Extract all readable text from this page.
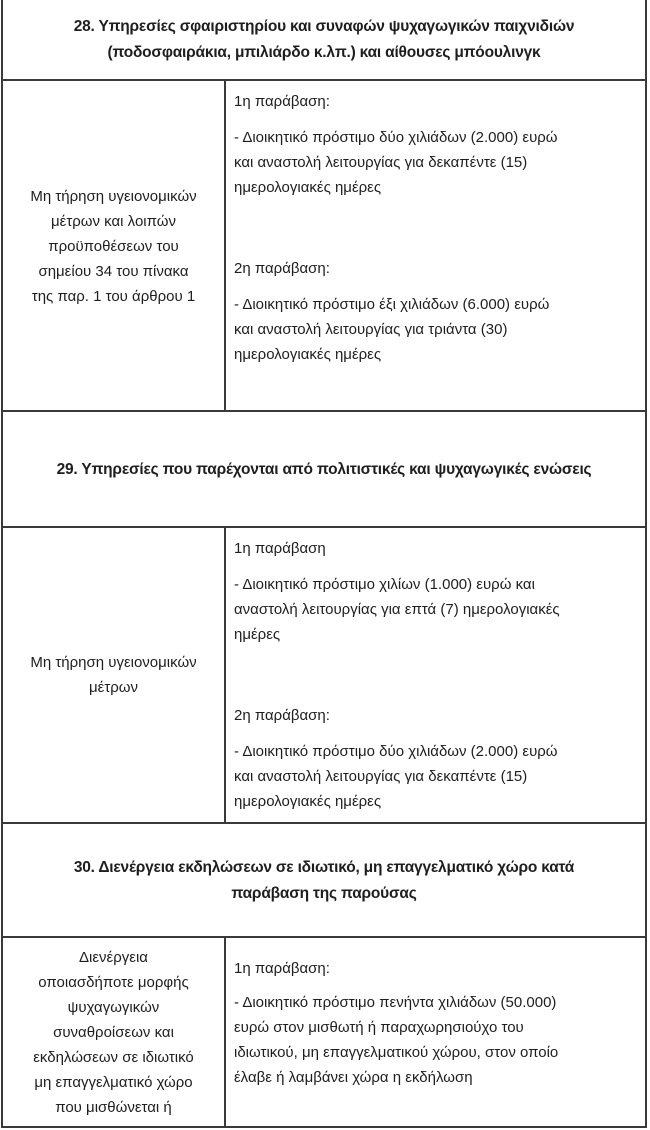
28. Υπηρεσίες σφαιριστηρίου και συναφών ψυχαγωγικών παιχνιδιών
(ποδοσφαιράκια, μπιλιάρδο κ.λπ.) και αίθουσες μπόουλινγκ
Μη τήρηση υγειονομικών
μέτρων και λοιπών
προϋποθέσεων του
σημείου 34 του πίνακα
της παρ. 1 του άρθρου 1
1η παράβαση:

- Διοικητικό πρόστιμο δύο χιλιάδων (2.000) ευρώ

και αναστολή λειτουργίας για δεκαπέντε (15)

ημερολογιακές ημέρες

2η παράβαση:

- Διοικητικό πρόστιμο έξι χιλιάδων (6.000) ευρώ

και αναστολή λειτουργίας για τριάντα (30)

ημερολογιακές ημέρες

29. Υπηρεσίες που παρέχονται από πολιτιστικές και ψυχαγωγικές ενώσεις
Μη τήρηση υγειονομικών
μέτρων
1η παράβαση

- Διοικητικό πρόστιμο χιλίων (1.000) ευρώ και

αναστολή λειτουργίας για επτά (7) ημερολογιακές

ημέρες

2η παράβαση:

- Διοικητικό πρόστιμο δύο χιλιάδων (2.000) ευρώ

και αναστολή λειτουργίας για δεκαπέντε (15)

ημερολογιακές ημέρες

30. Διενέργεια εκδηλώσεων σε ιδιωτικό, μη επαγγελματικό χώρο κατά
παράβαση της παρούσας
Διενέργεια
οποιασδήποτε μορφής
ψυχαγωγικών
συναθροίσεων και
εκδηλώσεων σε ιδιωτικό
μη επαγγελματικό χώρο
που μισθώνεται ή
1η παράβαση:

- Διοικητικό πρόστιμο πενήντα χιλιάδων (50.000)

ευρώ στον μισθωτή ή παραχωρησιούχο του

ιδιωτικού, μη επαγγελματικού χώρου, στον οποίο

έλαβε ή λαμβάνει χώρα η εκδήλωση
